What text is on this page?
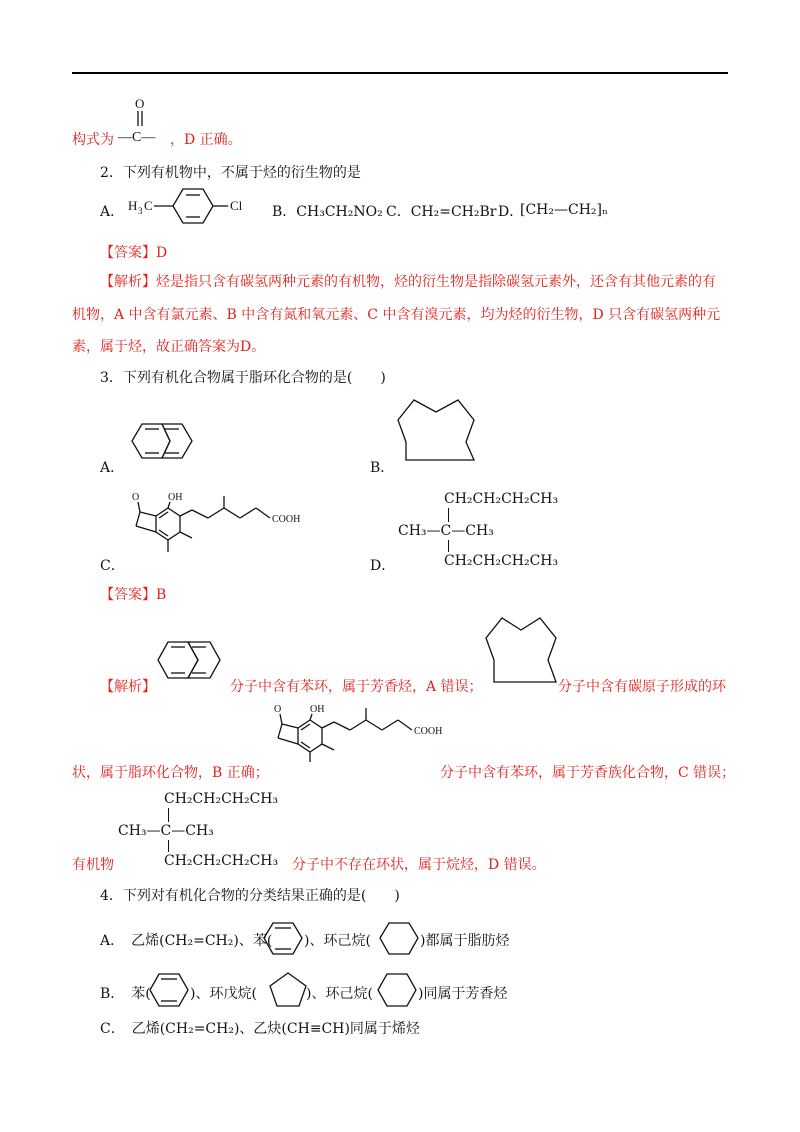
构式为
O
—C— ，D 正确。
2．下列有机物中，不属于烃的衍生物的是
A． H 3 C	Cl B．CH₃CH₂NO₂ C．CH₂=CH₂Br D．
[CH₂—CH₂]ₙ
【答案】D
【解析】烃是指只含有碳氢两种元素的有机物，烃的衍生物是指除碳氢元素外，还含有其他元素的有
机物，A 中含有氯元素、B 中含有氮和氧元素、C 中含有溴元素，均为烃的衍生物，D 只含有碳氢两种元
素，属于烃，故正确答案为D。
3．下列有机化合物属于脂环化合物的是(　　)
A．	B．
C．
O	OH
COOH
D．
CH₂CH₂CH₂CH₃
CH₃—C—CH₃
CH₂CH₂CH₂CH₃
【答案】B
【解析】	分子中含有苯环，属于芳香烃，A 错误；	分子中含有碳原子形成的环
O	OH
COOH
状，属于脂环化合物，B 正确；	分子中含有苯环，属于芳香族化合物，C 错误；
CH₂CH₂CH₂CH₃
CH₃—C—CH₃
CH₂CH₂CH₂CH₃
有机物	分子中不存在环状，属于烷烃，D 错误。
4．下列对有机化合物的分类结果正确的是(　　)
A．　乙烯(CH₂=CH₂)、苯( )、环己烷(	)都属于脂肪烃
B．　苯(	)、环戊烷(	)、环己烷(	)同属于芳香烃
C．　乙烯(CH₂=CH₂)、乙炔(CH≡CH)同属于烯烃
